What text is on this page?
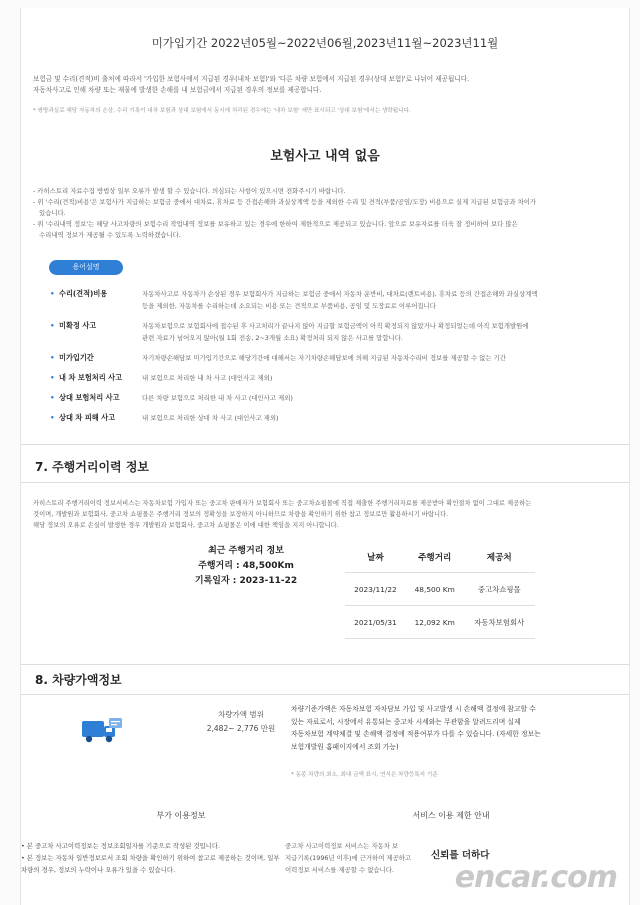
미가입기간 2022년05월~2022년06월,2023년11월~2023년11월
보험금 및 수리(견적)비 출처에 따라서 '가입한 보험사에서 지급된 경우(내차 보험)'와 '다른 차량 보험에서 지급된 경우(상대 보험)'로 나뉘어 제공됩니다.
자동차사고로 인해 차량 또는 재물에 발생한 손해를 내 보험금에서 지급된 경우의 정보를 제공합니다.
* 쌍방과실로 해당 자동차의 손상, 수리 기록이 내차 보험과 상대 보험에서 동시에 처리된 경우에는 '내차 보험' 에만 표시되고 '상대 보험'에서는 생략됩니다.
보험사고 내역 없음
- 카히스토리 자료수집 방법상 일부 오류가 발생 할 수 있습니다. 의심되는 사항이 있으시면 전화주시기 바랍니다.
- 위 '수리(견적)비용'은 보험사가 지급하는 보험금 중에서 대차료, 휴차료 등 간접손해와 과실상계액 등을 제외한 수리 및 견적(부품/공임/도장) 비용으로 실제 지급된 보험금과 차이가
있습니다.
- 위 '수리내역 정보'는 해당 사고차량의 보험수리 작업내역 정보를 보유하고 있는 경우에 한하여 제한적으로 제공되고 있습니다. 앞으로 보유자료를 더욱 잘 정비하여 보다 많은
수리내역 정보가 제공될 수 있도록 노력하겠습니다.
용어설명
• 수리(견적)비용	자동차사고로 자동차가 손상된 경우 보험회사가 지급하는 보험금 중에서 자동차 운반비, 대차료(렌트비용), 휴차료 등의 간접손해와 과실상계액
등을 제외한, 자동차를 수리하는데 소요되는 비용 또는 견적으로 부품비용, 공임 및 도장료로 이루어집니다
• 미확정 사고	자동차보험으로 보험회사에 접수된 후 사고처리가 끝나지 않아 지급할 보험금액이 아직 확정되지 않았거나 확정되었는데 아직 보험개발원에
관련 자료가 넘어오지 않아(월 1회 전송, 2~3개월 소요) 확정처리 되지 않은 사고를 말합니다.
• 미가입기간	자기차량손해담보 미가입기간으로 해당기간에 대해서는 자기차량손해담보에 의해 지급된 자동차수리비 정보를 제공할 수 없는 기간
• 내 차 보험처리 사고	내 보험으로 처리한 내 차 사고 (대인사고 제외)
• 상대 보험처리 사고	다른 차량 보험으로 처리한 내 차 사고 (대인사고 제외)
• 상대 차 피해 사고	내 보험으로 처리한 상대 차 사고 (대인사고 제외)
7. 주행거리이력 정보
카히스토리 주행거리이력 정보서비스는 자동차보험 가입자 또는 중고차 판매자가 보험회사 또는 중고차쇼핑몰에 직접 제출한 주행거리자료를 제공받아 확인절차 없이 그대로 제공하는
것이며, 개발원과 보험회사, 중고차 쇼핑몰은 주행거리 정보의 정확성을 보장하지 아니하므로 차량을 확인하기 위한 참고 정보로만 활용하시기 바랍니다.
해당 정보의 오류로 손실이 발생한 경우 개발원과 보험회사, 중고차 쇼핑몰은 이에 대한 책임을 지지 아니합니다.
최근 주행거리 정보
주행거리 : 48,500Km
기록일자 : 2023-11-22
날짜	주행거리	제공처
2023/11/22	48,500 Km	중고차쇼핑몰
2021/05/31	12,092 Km	자동차보험회사
8. 차량가액정보
차량가액 범위
2,482~ 2,776 만원
차량기준가액은 자동차보험 자차담보 가입 및 사고발생 시 손해액 결정에 참고할 수
있는 자료로서, 시장에서 유통되는 중고차 시세와는 무관함을 알려드리며 실제
자동차보험 계약체결 및 손해액 결정에 적용여부가 다를 수 있습니다. (자세한 정보는
보험개발원 홈페이지에서 조회 가능)
* 동종 차량의 최소, 최대 금액 표시, 연식은 차량등록지 기준
부가 이용정보	서비스 이용 제한 안내
• 본 중고차 사고이력정보는 정보조회일자를 기준으로 작성된 것입니다.
• 본 정보는 자동차 일반정보로서 조회 차량을 확인하기 위하여 참고로 제공하는 것이며, 일부
차량의 경우, 정보의 누락이나 오류가 있을 수 있습니다.
중고차 사고이력정보 서비스는 자동차 보
지급기록(1996년 이후)에 근거하여 제공하고
이력정보 서비스를 제공할 수 없습니다.
신뢰를 더하다
encar.com
